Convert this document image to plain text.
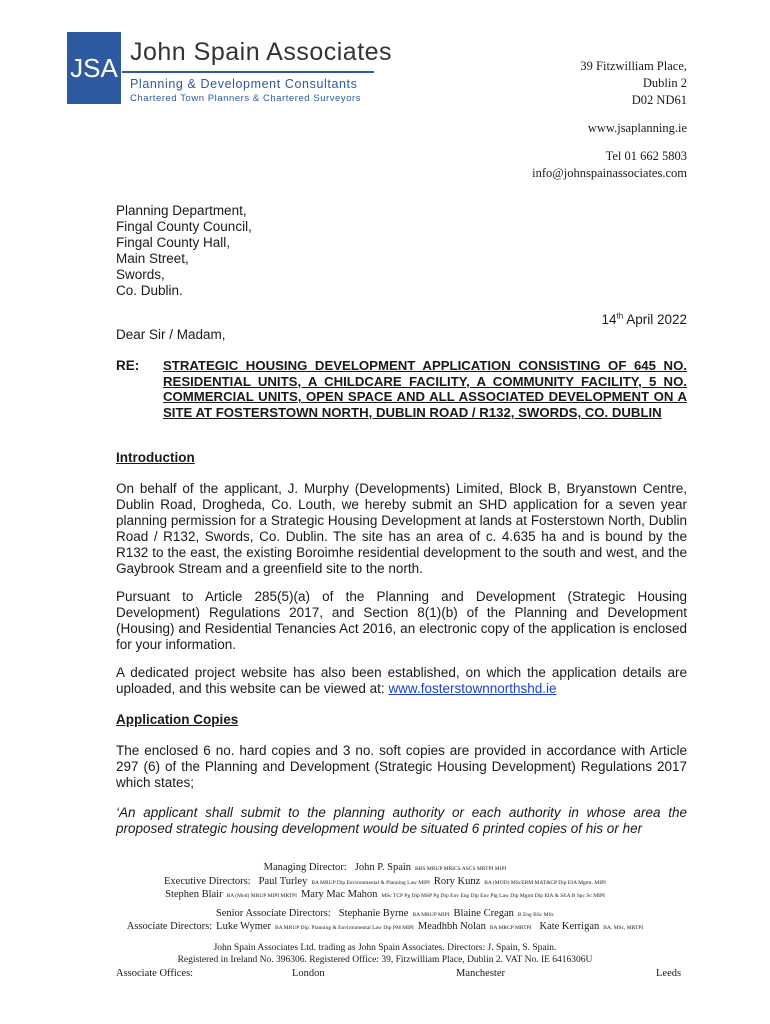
JSA
John Spain Associates
Planning & Development Consultants
Chartered Town Planners & Chartered Surveyors
39 Fitzwilliam Place,
Dublin 2
D02 ND61
www.jsaplanning.ie
Tel 01 662 5803
info@johnspainassociates.com
Planning Department,
Fingal County Council,
Fingal County Hall,
Main Street,
Swords,
Co. Dublin.
14th April 2022
Dear Sir / Madam,
RE: STRATEGIC HOUSING DEVELOPMENT APPLICATION CONSISTING OF 645 NO. RESIDENTIAL UNITS, A CHILDCARE FACILITY, A COMMUNITY FACILITY, 5 NO. COMMERCIAL UNITS, OPEN SPACE AND ALL ASSOCIATED DEVELOPMENT ON A SITE AT FOSTERSTOWN NORTH, DUBLIN ROAD / R132, SWORDS, CO. DUBLIN
Introduction
On behalf of the applicant, J. Murphy (Developments) Limited, Block B, Bryanstown Centre, Dublin Road, Drogheda, Co. Louth, we hereby submit an SHD application for a seven year planning permission for a Strategic Housing Development at lands at Fosterstown North, Dublin Road / R132, Swords, Co. Dublin. The site has an area of c. 4.635 ha and is bound by the R132 to the east, the existing Boroimhe residential development to the south and west, and the Gaybrook Stream and a greenfield site to the north.
Pursuant to Article 285(5)(a) of the Planning and Development (Strategic Housing Development) Regulations 2017, and Section 8(1)(b) of the Planning and Development (Housing) and Residential Tenancies Act 2016, an electronic copy of the application is enclosed for your information.
A dedicated project website has also been established, on which the application details are uploaded, and this website can be viewed at: www.fosterstownnorthshd.ie
Application Copies
The enclosed 6 no. hard copies and 3 no. soft copies are provided in accordance with Article 297 (6) of the Planning and Development (Strategic Housing Development) Regulations 2017 which states;
‘An applicant shall submit to the planning authority or each authority in whose area the proposed strategic housing development would be situated 6 printed copies of his or her
Managing Director: John P. Spain BBS MRUP MRICS ASCS MRTPI MIPI
Executive Directors: Paul Turley BA MRUP Dip Environmental & Planning Law MIPI Rory Kunz BA (MOD) MScERM MAT&CP Dip EIA Mgmt. MIPI
Stephen Blair BA (Mod) MRUP MIPI MRTPI Mary Mac Mahon MSc TCP Pg Dip MSP Pg Dip Env Eng Dip Env Plg Law Dip Mgmt Dip EIA & SEA B Spc Sc MIPI
Senior Associate Directors: Stephanie Byrne BA MRUP MIPI Blaine Cregan B Eng BSc MSc
Associate Directors: Luke Wymer BA MRUP Dip. Planning & Environmental Law Dip PM MIPI Meadhbh Nolan BA MRCP MRTPI Kate Kerrigan BA, MSc, MRTPI
John Spain Associates Ltd. trading as John Spain Associates. Directors: J. Spain, S. Spain.
Registered in Ireland No. 396306. Registered Office: 39, Fitzwilliam Place, Dublin 2. VAT No. IE 6416306U
Associate Offices:	London	Manchester	Leeds
